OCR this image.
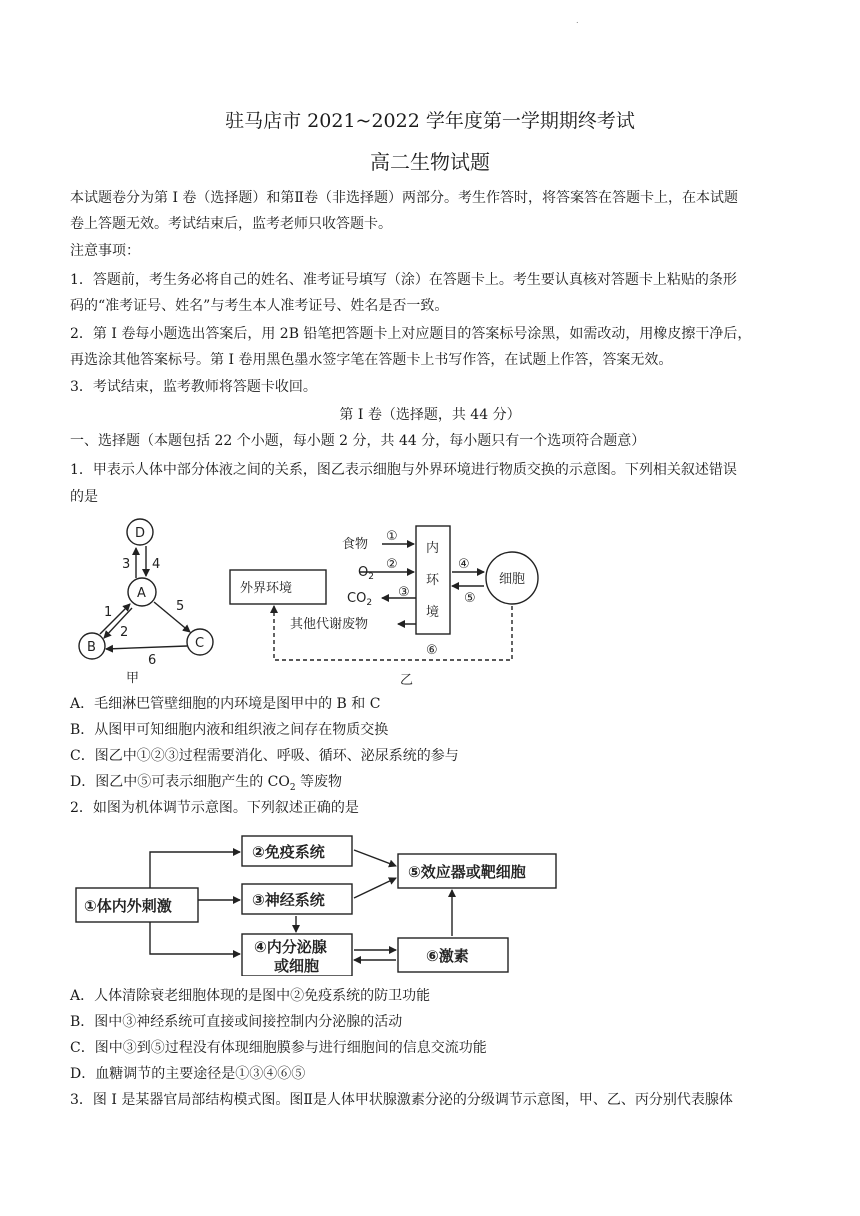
.
驻马店市 2021~2022 学年度第一学期期终考试
高二生物试题
本试题卷分为第 I 卷（选择题）和第Ⅱ卷（非选择题）两部分。考生作答时，将答案答在答题卡上，在本试题
卷上答题无效。考试结束后，监考老师只收答题卡。
注意事项：
1．答题前，考生务必将自己的姓名、准考证号填写（涂）在答题卡上。考生要认真核对答题卡上粘贴的条形
码的“准考证号、姓名”与考生本人准考证号、姓名是否一致。
2．第 I 卷每小题选出答案后，用 2B 铅笔把答题卡上对应题目的答案标号涂黑，如需改动，用橡皮擦干净后，
再选涂其他答案标号。第 I 卷用黑色墨水签字笔在答题卡上书写作答，在试题上作答，答案无效。
3．考试结束，监考教师将答题卡收回。
第 I 卷（选择题，共 44 分）
一、选择题（本题包括 22 个小题，每小题 2 分，共 44 分，每小题只有一个选项符合题意）
1．甲表示人体中部分体液之间的关系，图乙表示细胞与外界环境进行物质交换的示意图。下列相关叙述错误
的是
D
A
B	C
3 4
1
2
5
6
甲
外界环境
食物
$O_2$
$CO_2$
其他代谢废物
①
②
③
④
⑤
⑥
内
环
境
细胞
乙
A．毛细淋巴管壁细胞的内环境是图甲中的 B 和 C
B．从图甲可知细胞内液和组织液之间存在物质交换
C．图乙中①②③过程需要消化、呼吸、循环、泌尿系统的参与
D．图乙中⑤可表示细胞产生的 $CO_2$ 等废物
2．如图为机体调节示意图。下列叙述正确的是
①体内外刺激
②免疫系统
③神经系统
④内分泌腺
或细胞
⑤效应器或靶细胞
⑥激素
A．人体清除衰老细胞体现的是图中②免疫系统的防卫功能
B．图中③神经系统可直接或间接控制内分泌腺的活动
C．图中③到⑤过程没有体现细胞膜参与进行细胞间的信息交流功能
D．血糖调节的主要途径是①③④⑥⑤
3．图 I 是某器官局部结构模式图。图Ⅱ是人体甲状腺激素分泌的分级调节示意图，甲、乙、丙分别代表腺体
